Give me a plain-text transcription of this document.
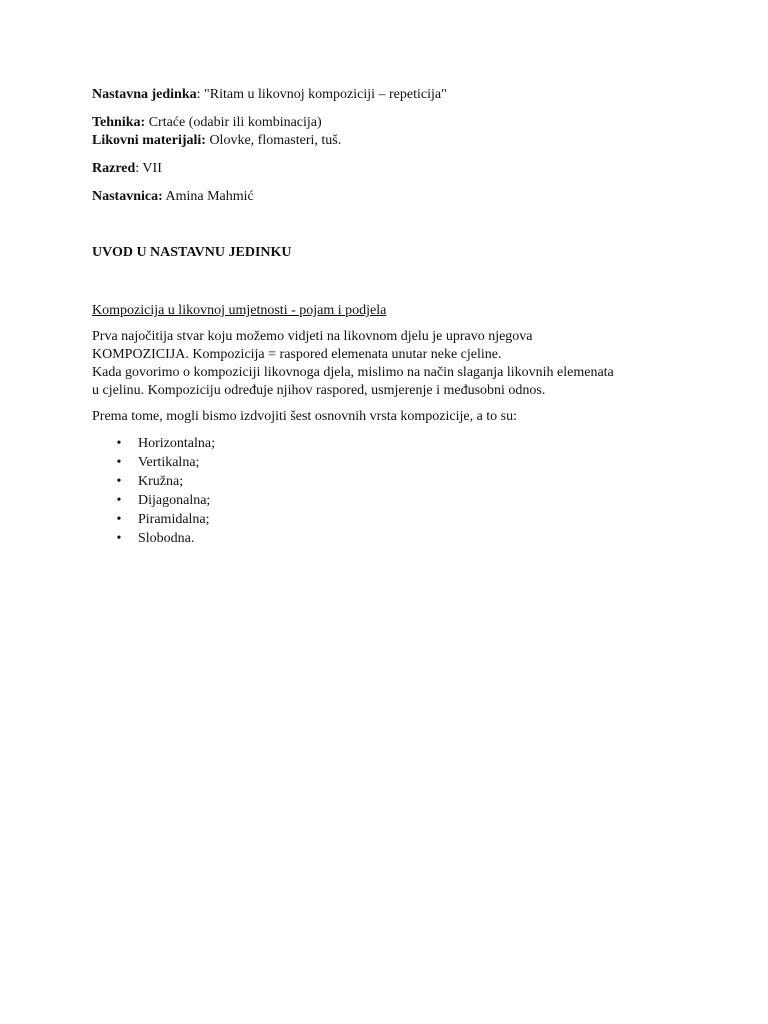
Nastavna jedinka: "Ritam u likovnoj kompoziciji – repeticija"

Tehnika: Crtaće (odabir ili kombinacija)

Likovni materijali: Olovke, flomasteri, tuš.

Razred: VII

Nastavnica: Amina Mahmić

UVOD U NASTAVNU JEDINKU

Kompozicija u likovnoj umjetnosti - pojam i podjela

Prva najočitija stvar koju možemo vidjeti na likovnom djelu je upravo njegova

KOMPOZICIJA. Kompozicija = raspored elemenata unutar neke cjeline.

Kada govorimo o kompoziciji likovnoga djela, mislimo na način slaganja likovnih elemenata

u cjelinu. Kompoziciju određuje njihov raspored, usmjerenje i međusobni odnos.

Prema tome, mogli bismo izdvojiti šest osnovnih vrsta kompozicije, a to su:

• Horizontalna;
• Vertikalna;
• Kružna;
• Dijagonalna;
• Piramidalna;
• Slobodna.
